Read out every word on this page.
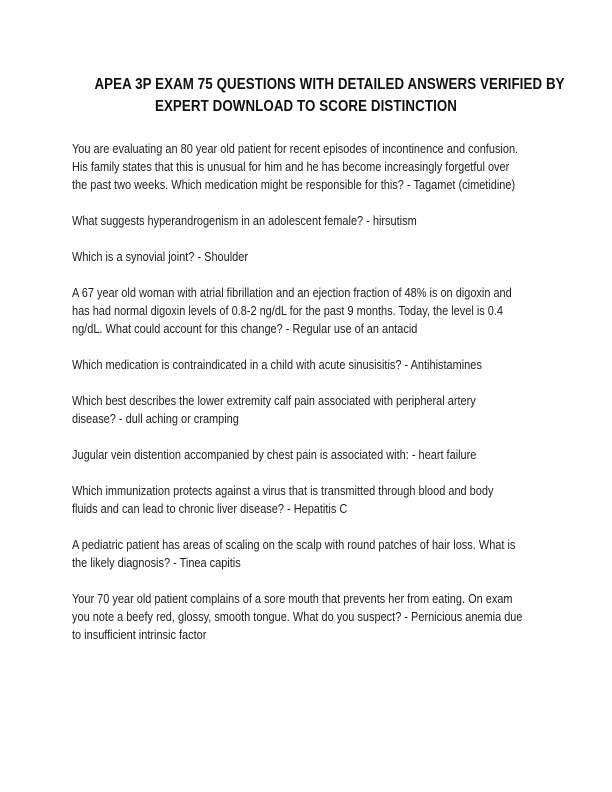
APEA 3P EXAM 75 QUESTIONS WITH DETAILED ANSWERS VERIFIED BY
EXPERT DOWNLOAD TO SCORE DISTINCTION
You are evaluating an 80 year old patient for recent episodes of incontinence and confusion.
His family states that this is unusual for him and he has become increasingly forgetful over
the past two weeks. Which medication might be responsible for this? - Tagamet (cimetidine)
What suggests hyperandrogenism in an adolescent female? - hirsutism
Which is a synovial joint? - Shoulder
A 67 year old woman with atrial fibrillation and an ejection fraction of 48% is on digoxin and
has had normal digoxin levels of 0.8-2 ng/dL for the past 9 months. Today, the level is 0.4
ng/dL. What could account for this change? - Regular use of an antacid
Which medication is contraindicated in a child with acute sinusisitis? - Antihistamines
Which best describes the lower extremity calf pain associated with peripheral artery
disease? - dull aching or cramping
Jugular vein distention accompanied by chest pain is associated with: - heart failure
Which immunization protects against a virus that is transmitted through blood and body
fluids and can lead to chronic liver disease? - Hepatitis C
A pediatric patient has areas of scaling on the scalp with round patches of hair loss. What is
the likely diagnosis? - Tinea capitis
Your 70 year old patient complains of a sore mouth that prevents her from eating. On exam
you note a beefy red, glossy, smooth tongue. What do you suspect? - Pernicious anemia due
to insufficient intrinsic factor
